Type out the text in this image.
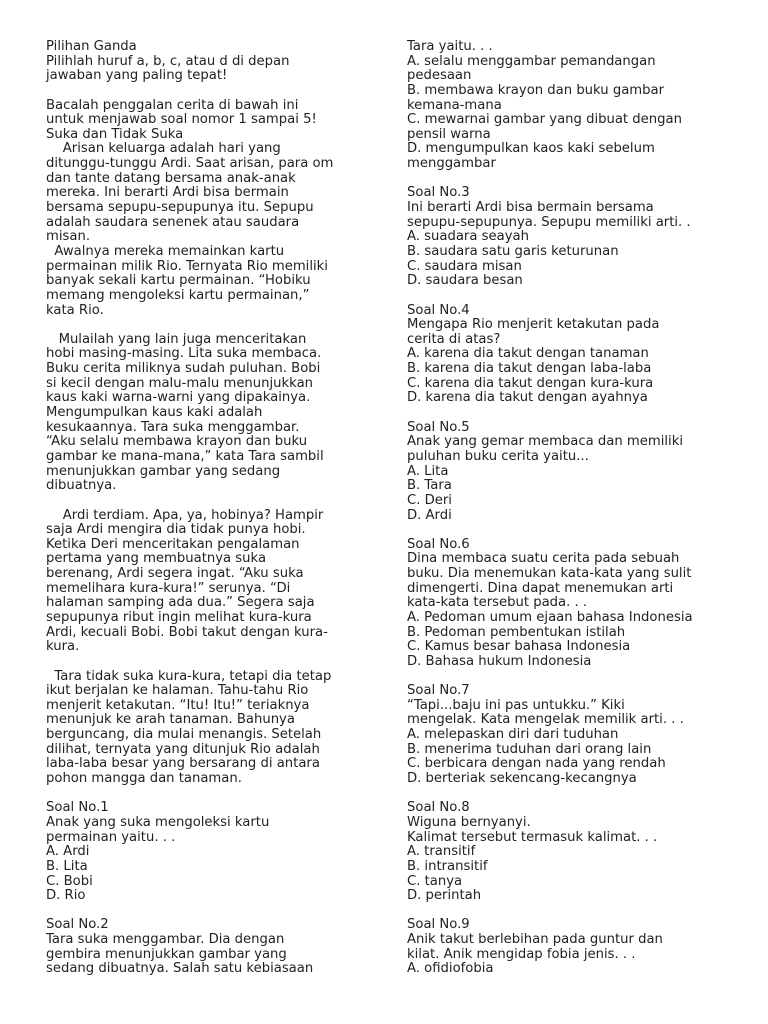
Pilihan Ganda
Pilihlah huruf a, b, c, atau d di depan
jawaban yang paling tepat!
Bacalah penggalan cerita di bawah ini
untuk menjawab soal nomor 1 sampai 5!
Suka dan Tidak Suka
Arisan keluarga adalah hari yang
ditunggu-tunggu Ardi. Saat arisan, para om
dan tante datang bersama anak-anak
mereka. Ini berarti Ardi bisa bermain
bersama sepupu-sepupunya itu. Sepupu
adalah saudara senenek atau saudara
misan.
Awalnya mereka memainkan kartu
permainan milik Rio. Ternyata Rio memiliki
banyak sekali kartu permainan. “Hobiku
memang mengoleksi kartu permainan,”
kata Rio.
Mulailah yang lain juga menceritakan
hobi masing-masing. Lita suka membaca.
Buku cerita miliknya sudah puluhan. Bobi
si kecil dengan malu-malu menunjukkan
kaus kaki warna-warni yang dipakainya.
Mengumpulkan kaus kaki adalah
kesukaannya. Tara suka menggambar.
“Aku selalu membawa krayon dan buku
gambar ke mana-mana,” kata Tara sambil
menunjukkan gambar yang sedang
dibuatnya.
Ardi terdiam. Apa, ya, hobinya? Hampir
saja Ardi mengira dia tidak punya hobi.
Ketika Deri menceritakan pengalaman
pertama yang membuatnya suka
berenang, Ardi segera ingat. “Aku suka
memelihara kura-kura!” serunya. “Di
halaman samping ada dua.” Segera saja
sepupunya ribut ingin melihat kura-kura
Ardi, kecuali Bobi. Bobi takut dengan kura-
kura.
Tara tidak suka kura-kura, tetapi dia tetap
ikut berjalan ke halaman. Tahu-tahu Rio
menjerit ketakutan. “Itu! Itu!” teriaknya
menunjuk ke arah tanaman. Bahunya
berguncang, dia mulai menangis. Setelah
dilihat, ternyata yang ditunjuk Rio adalah
laba-laba besar yang bersarang di antara
pohon mangga dan tanaman.
Soal No.1
Anak yang suka mengoleksi kartu
permainan yaitu. . .
A. Ardi
B. Lita
C. Bobi
D. Rio
Soal No.2
Tara suka menggambar. Dia dengan
gembira menunjukkan gambar yang
sedang dibuatnya. Salah satu kebiasaan
Tara yaitu. . .
A. selalu menggambar pemandangan
pedesaan
B. membawa krayon dan buku gambar
kemana-mana
C. mewarnai gambar yang dibuat dengan
pensil warna
D. mengumpulkan kaos kaki sebelum
menggambar
Soal No.3
Ini berarti Ardi bisa bermain bersama
sepupu-sepupunya. Sepupu memiliki arti. .
A. suadara seayah
B. saudara satu garis keturunan
C. saudara misan
D. saudara besan
Soal No.4
Mengapa Rio menjerit ketakutan pada
cerita di atas?
A. karena dia takut dengan tanaman
B. karena dia takut dengan laba-laba
C. karena dia takut dengan kura-kura
D. karena dia takut dengan ayahnya
Soal No.5
Anak yang gemar membaca dan memiliki
puluhan buku cerita yaitu...
A. Lita
B. Tara
C. Deri
D. Ardi
Soal No.6
Dina membaca suatu cerita pada sebuah
buku. Dia menemukan kata-kata yang sulit
dimengerti. Dina dapat menemukan arti
kata-kata tersebut pada. . .
A. Pedoman umum ejaan bahasa Indonesia
B. Pedoman pembentukan istilah
C. Kamus besar bahasa Indonesia
D. Bahasa hukum Indonesia
Soal No.7
“Tapi...baju ini pas untukku.” Kiki
mengelak. Kata mengelak memilik arti. . .
A. melepaskan diri dari tuduhan
B. menerima tuduhan dari orang lain
C. berbicara dengan nada yang rendah
D. berteriak sekencang-kecangnya
Soal No.8
Wiguna bernyanyi.
Kalimat tersebut termasuk kalimat. . .
A. transitif
B. intransitif
C. tanya
D. perintah
Soal No.9
Anik takut berlebihan pada guntur dan
kilat. Anik mengidap fobia jenis. . .
A. ofidiofobia
